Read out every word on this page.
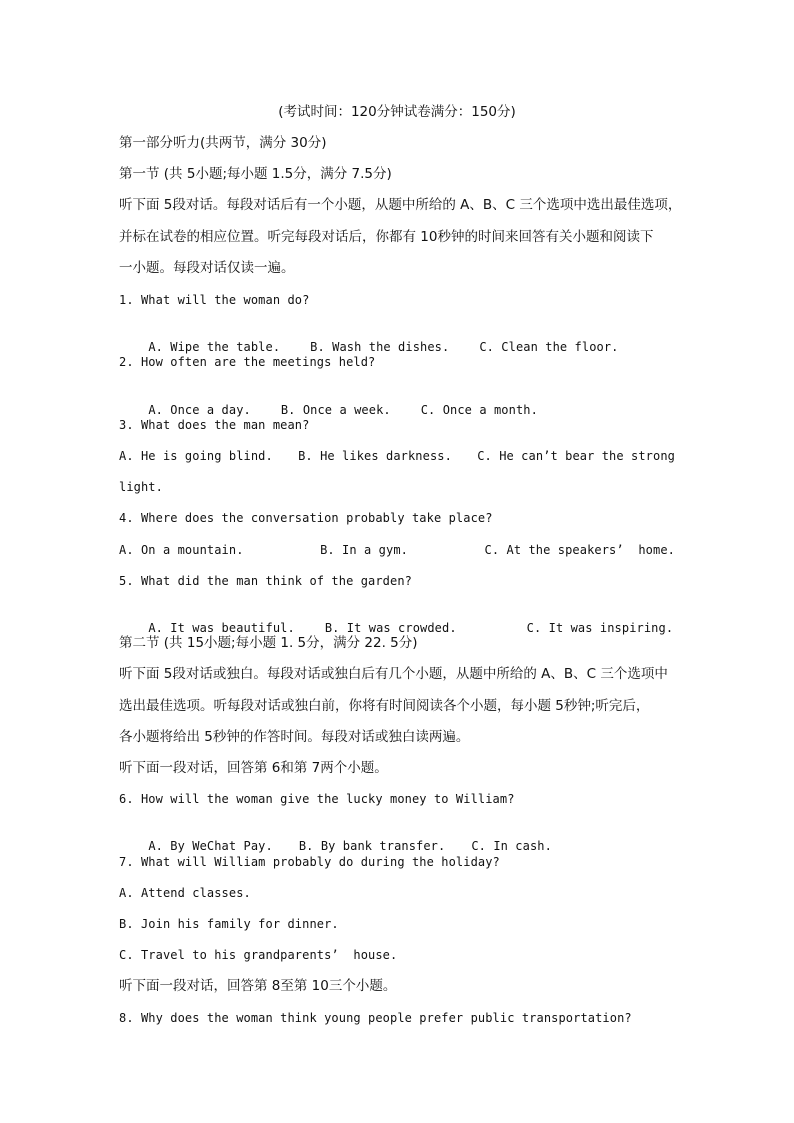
(考试时间：120分钟试卷满分：150分)
第一部分听力(共两节，满分 30分)
第一节 (共 5小题;每小题 1.5分，满分 7.5分)
听下面 5段对话。每段对话后有一个小题，从题中所给的 A、B、C 三个选项中选出最佳选项，
并标在试卷的相应位置。听完每段对话后，你都有 10秒钟的时间来回答有关小题和阅读下
一小题。每段对话仅读一遍。
1. What will the woman do?

A. Wipe the table.	B. Wash the dishes.	C. Clean the floor.

2. How often are the meetings held?

A. Once a day.	B. Once a week.	C. Once a month.

3. What does the man mean?
A. He is going blind. B. He likes darkness. C. He can’t bear the strong
light.
4. Where does the conversation probably take place?
A. On a mountain.	B. In a gym.	C. At the speakers’  home.
5. What did the man think of the garden?

A. It was beautiful.	B. It was crowded.	C. It was inspiring.

第二节 (共 15小题;每小题 1. 5分，满分 22. 5分)
听下面 5段对话或独白。每段对话或独白后有几个小题，从题中所给的 A、B、C 三个选项中
选出最佳选项。听每段对话或独白前，你将有时间阅读各个小题，每小题 5秒钟;听完后，
各小题将给出 5秒钟的作答时间。每段对话或独白读两遍。
听下面一段对话，回答第 6和第 7两个小题。
6. How will the woman give the lucky money to William?

A. By WeChat Pay. B. By bank transfer. C. In cash.

7. What will William probably do during the holiday?
A. Attend classes.
B. Join his family for dinner.
C. Travel to his grandparents’  house.
听下面一段对话，回答第 8至第 10三个小题。
8. Why does the woman think young people prefer public transportation?
